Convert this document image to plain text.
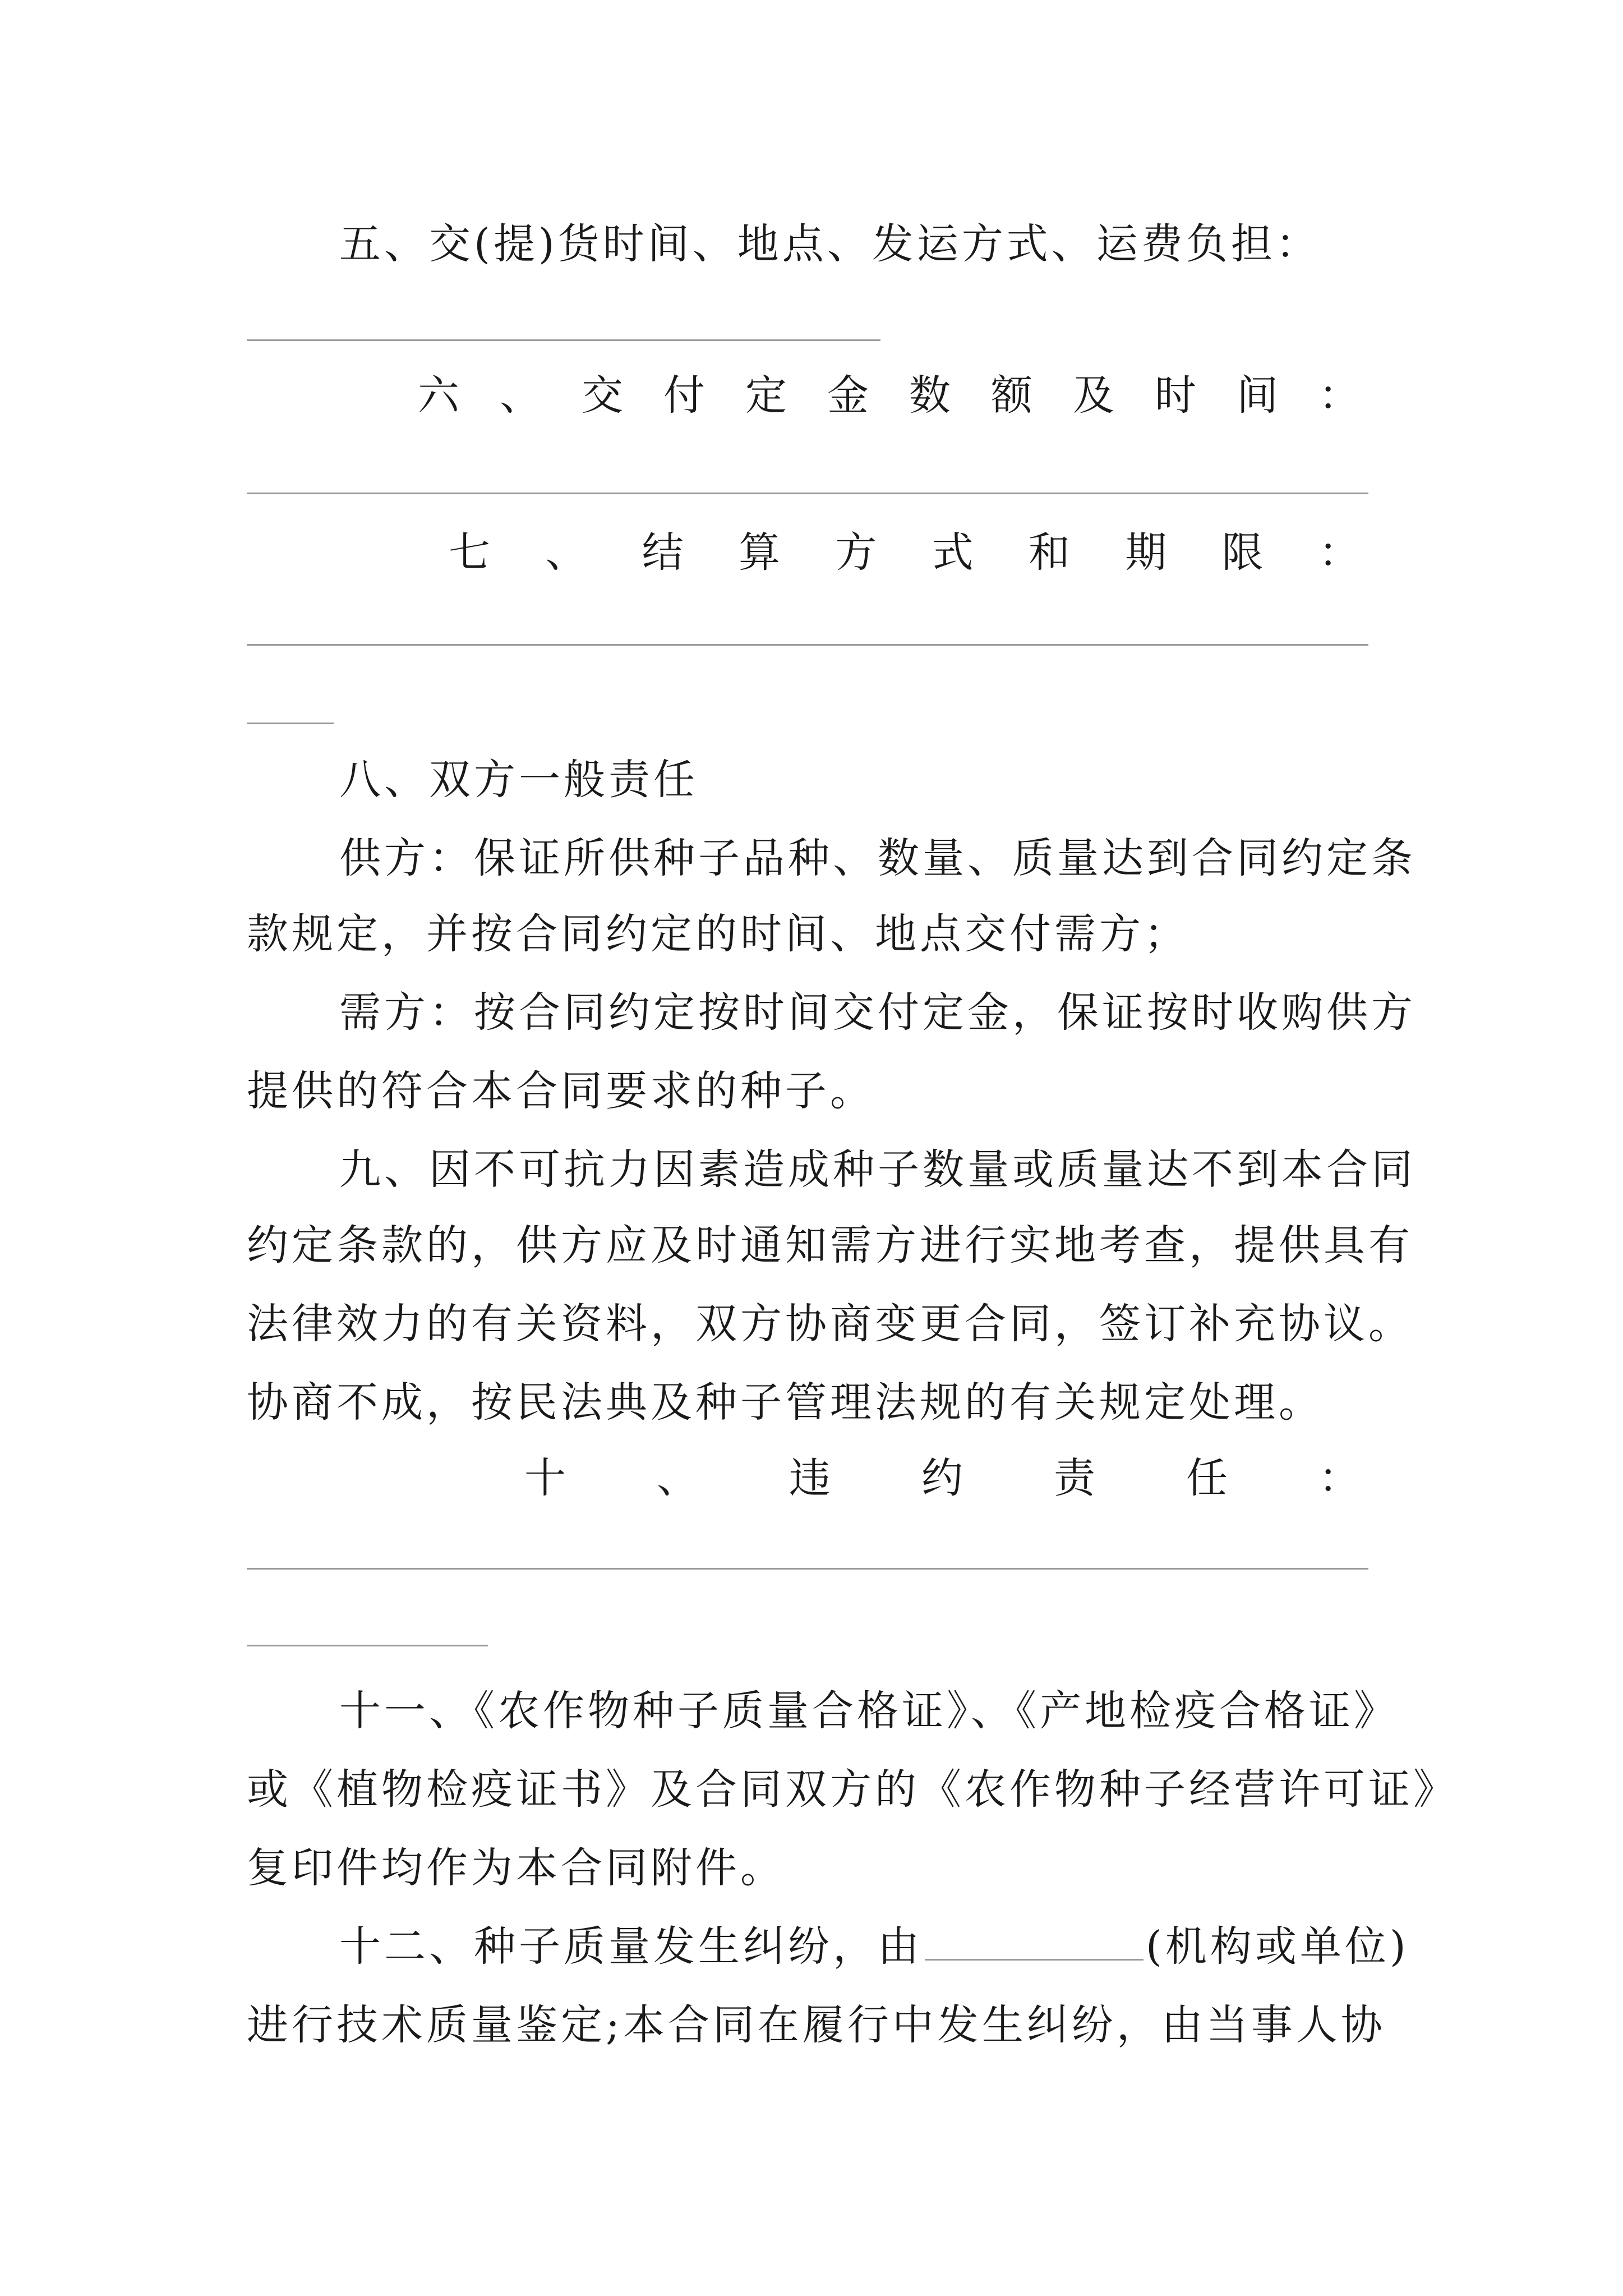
五、交(提)货时间、地点、发运方式、运费负担：
六 、 交 付 定 金 数 额 及 时 间 ：
七 、 结 算 方 式 和 期 限 ：
八、双方一般责任
供方：保证所供种子品种、数量、质量达到合同约定条
款规定，并按合同约定的时间、地点交付需方；
需方：按合同约定按时间交付定金，保证按时收购供方
提供的符合本合同要求的种子。
九、因不可抗力因素造成种子数量或质量达不到本合同
约定条款的，供方应及时通知需方进行实地考查，提供具有
法律效力的有关资料，双方协商变更合同，签订补充协议。
协商不成，按民法典及种子管理法规的有关规定处理。
十 、 违 约 责 任 ：
十一、《农作物种子质量合格证》、《产地检疫合格证》
或《植物检疫证书》及合同双方的《农作物种子经营许可证》
复印件均作为本合同附件。
十二、种子质量发生纠纷，由	(机构或单位)
进行技术质量鉴定;本合同在履行中发生纠纷，由当事人协
